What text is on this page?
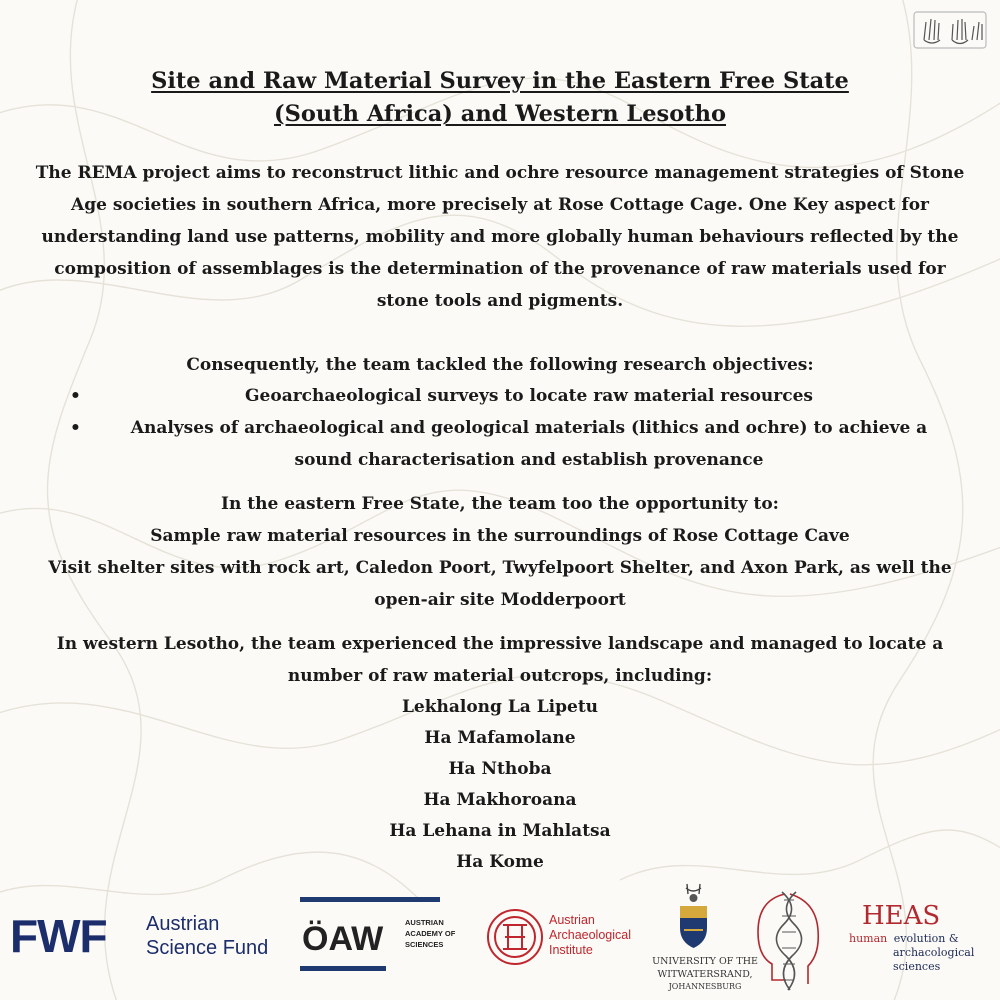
Site and Raw Material Survey in the Eastern Free State (South Africa) and Western Lesotho

The REMA project aims to reconstruct lithic and ochre resource management strategies of Stone Age societies in southern Africa, more precisely at Rose Cottage Cage. One Key aspect for understanding land use patterns, mobility and more globally human behaviours reflected by the composition of assemblages is the determination of the provenance of raw materials used for stone tools and pigments.

Consequently, the team tackled the following research objectives:

•	Geoarchaeological surveys to locate raw material resources
•	Analyses of archaeological and geological materials (lithics and ochre) to achieve a sound characterisation and establish provenance
In the eastern Free State, the team too the opportunity to:
Sample raw material resources in the surroundings of Rose Cottage Cave
Visit shelter sites with rock art, Caledon Poort, Twyfelpoort Shelter, and Axon Park, as well the open-air site Modderpoort
In western Lesotho, the team experienced the impressive landscape and managed to locate a number of raw material outcrops, including:
Lekhalong La Lipetu
Ha Mafamolane
Ha Nthoba
Ha Makhoroana
Ha Lehana in Mahlatsa
Ha Kome
FWF Austrian
Science Fund ÖAW	AUSTRIAN
ACADEMY OF
SCIENCES
Austrian
Archaeological
Institute
UNIVERSITY OF THE
WITWATERSRAND,
JOHANNESBURG
HEAS
human evolution &
archacological
sciences
